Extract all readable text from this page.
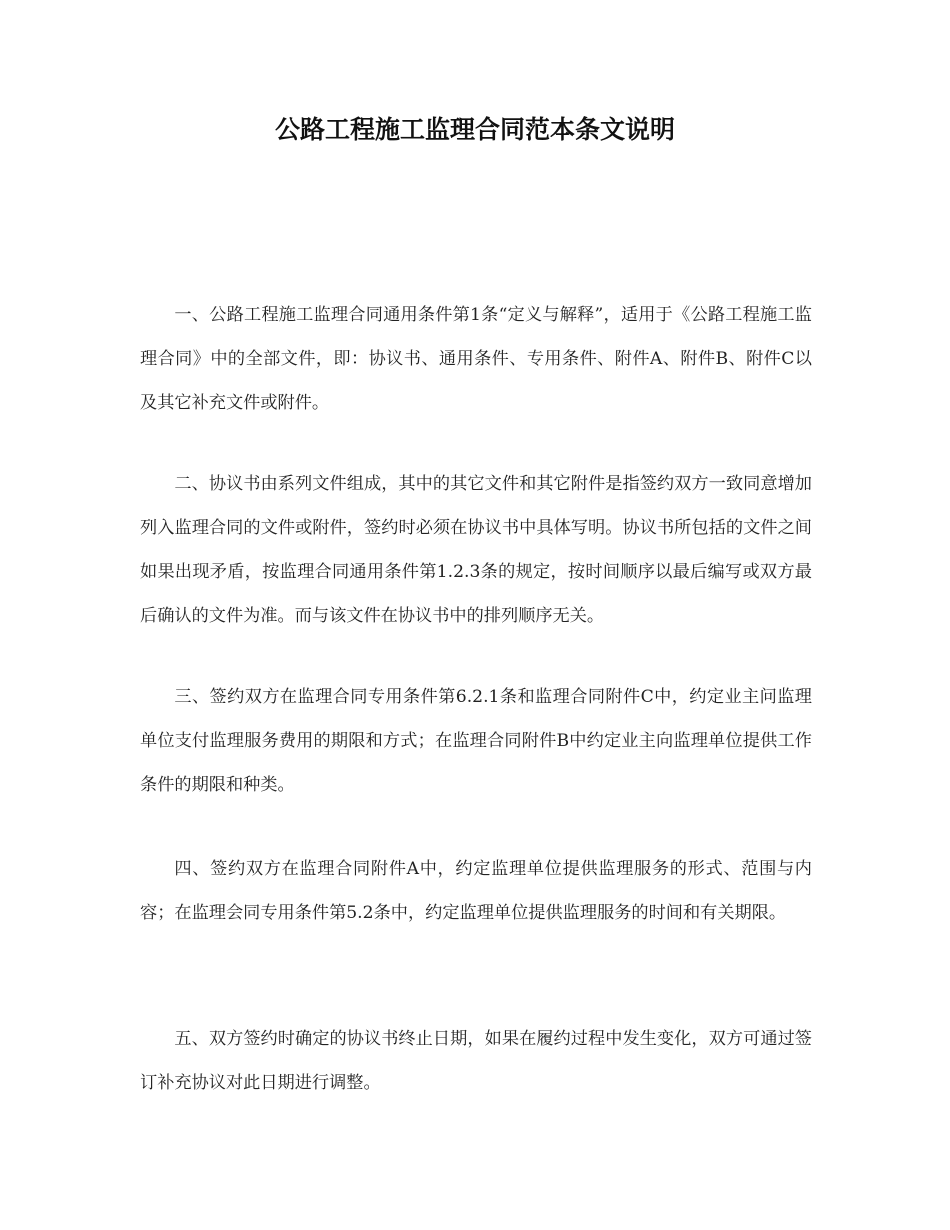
公路工程施工监理合同范本条文说明

一、公路工程施工监理合同通用条件第1条“定义与解释”，适用于《公路工程施工监理合同》中的全部文件，即：协议书、通用条件、专用条件、附件A、附件B、附件C以及其它补充文件或附件。

二、协议书由系列文件组成，其中的其它文件和其它附件是指签约双方一致同意增加列入监理合同的文件或附件，签约时必须在协议书中具体写明。协议书所包括的文件之间如果出现矛盾，按监理合同通用条件第1.2.3条的规定，按时间顺序以最后编写或双方最后确认的文件为准。而与该文件在协议书中的排列顺序无关。

三、签约双方在监理合同专用条件第6.2.1条和监理合同附件C中，约定业主问监理单位支付监理服务费用的期限和方式；在监理合同附件B中约定业主向监理单位提供工作条件的期限和种类。

四、签约双方在监理合同附件A中，约定监理单位提供监理服务的形式、范围与内容；在监理会同专用条件第5.2条中，约定监理单位提供监理服务的时间和有关期限。

五、双方签约时确定的协议书终止日期，如果在履约过程中发生变化，双方可通过签订补充协议对此日期进行调整。
